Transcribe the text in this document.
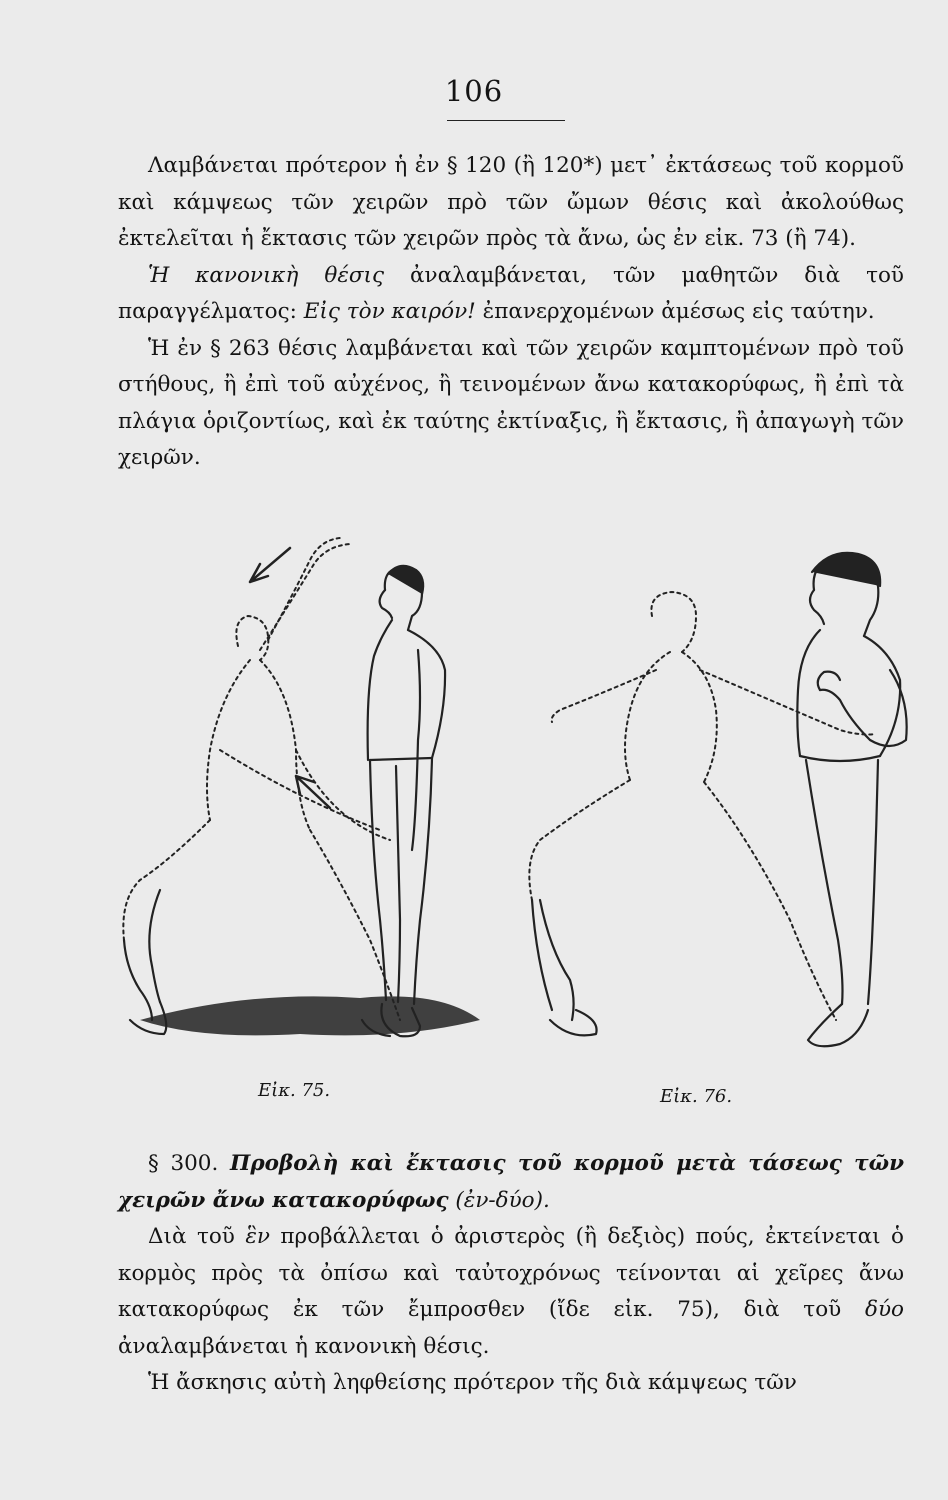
106

Λαμβάνεται πρότερον ἡ ἐν § 120 (ἢ 120*) μετ᾽ ἐκτάσεως τοῦ κορμοῦ καὶ κάμψεως τῶν χειρῶν πρὸ τῶν ὤμων θέσις καὶ ἀκολούθως ἐκτελεῖται ἡ ἔκτασις τῶν χειρῶν πρὸς τὰ ἄνω, ὡς ἐν εἰκ. 73 (ἢ 74).

Ἡ κανονικὴ θέσις ἀναλαμβάνεται, τῶν μαθητῶν διὰ τοῦ παραγγέλματος: Εἰς τὸν καιρόν! ἐπανερχομένων ἀμέσως εἰς ταύτην.

Ἡ ἐν § 263 θέσις λαμβάνεται καὶ τῶν χειρῶν καμπτομένων πρὸ τοῦ στήθους, ἢ ἐπὶ τοῦ αὐχένος, ἢ τεινομένων ἄνω κατακορύφως, ἢ ἐπὶ τὰ πλάγια ὁριζοντίως, καὶ ἐκ ταύτης ἐκτίναξις, ἢ ἔκτασις, ἢ ἀπαγωγὴ τῶν χειρῶν.

Εἰκ. 75.	Εἰκ. 76.

§ 300. Προβολὴ καὶ ἔκτασις τοῦ κορμοῦ μετὰ τάσεως τῶν χειρῶν ἄνω κατακορύφως (ἐν-δύο).

Διὰ τοῦ ἓν προβάλλεται ὁ ἀριστερὸς (ἢ δεξιὸς) πούς, ἐκτείνεται ὁ κορμὸς πρὸς τὰ ὀπίσω καὶ ταὐτοχρόνως τείνονται αἱ χεῖρες ἄνω κατακορύφως ἐκ τῶν ἔμπροσθεν (ἴδε εἰκ. 75), διὰ τοῦ δύο ἀναλαμβάνεται ἡ κανονικὴ θέσις.

Ἡ ἄσκησις αὐτὴ ληφθείσης πρότερον τῆς διὰ κάμψεως τῶν
